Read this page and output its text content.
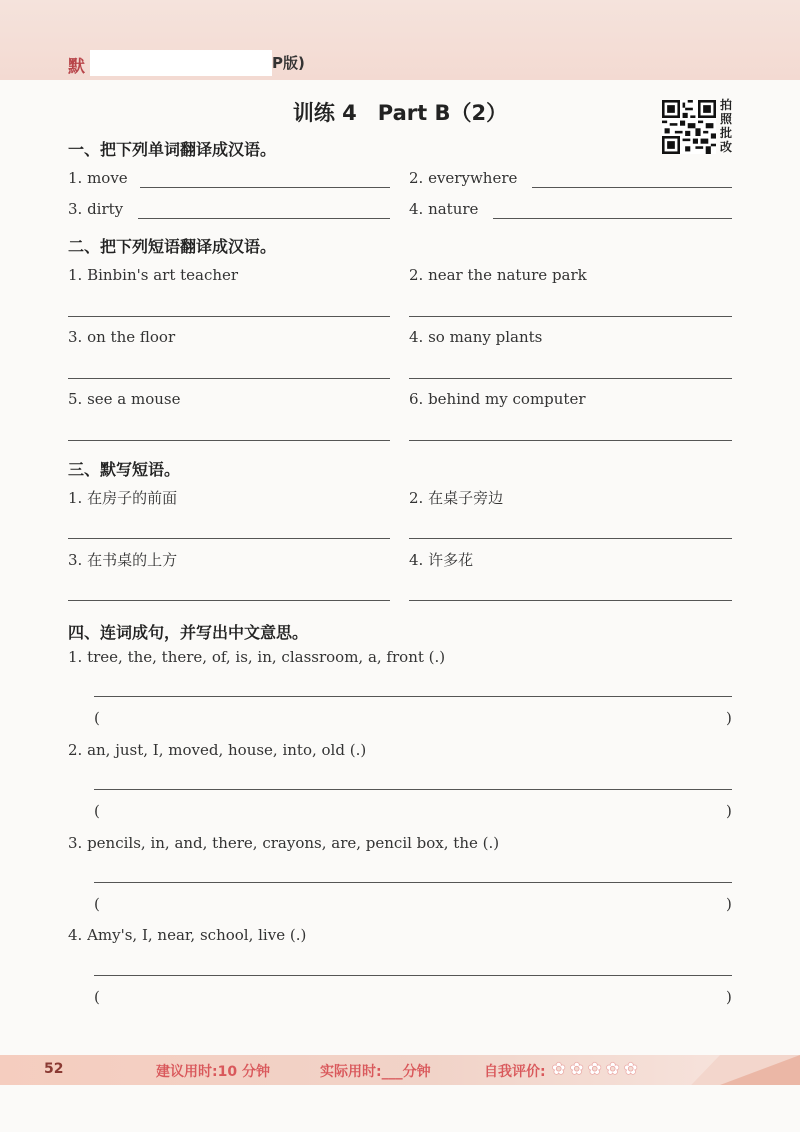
默	P版)
训练 4　Part B（2）	拍照批改
一、把下列单词翻译成汉语。
1. move	2. everywhere
3. dirty	4. nature
二、把下列短语翻译成汉语。
1. Binbin's art teacher	2. near the nature park
3. on the floor	4. so many plants
5. see a mouse	6. behind my computer
三、默写短语。
1. 在房子的前面	2. 在桌子旁边
3. 在书桌的上方	4. 许多花
四、连词成句，并写出中文意思。
1. tree, the, there, of, is, in, classroom, a, front (.)
(	)
2. an, just, I, moved, house, into, old (.)
(	)
3. pencils, in, and, there, crayons, are, pencil box, the (.)
(	)
4. Amy's, I, near, school, live (.)
(	)
52	建议用时:10 分钟	实际用时:___分钟	自我评价: ✿ ✿ ✿ ✿ ✿
